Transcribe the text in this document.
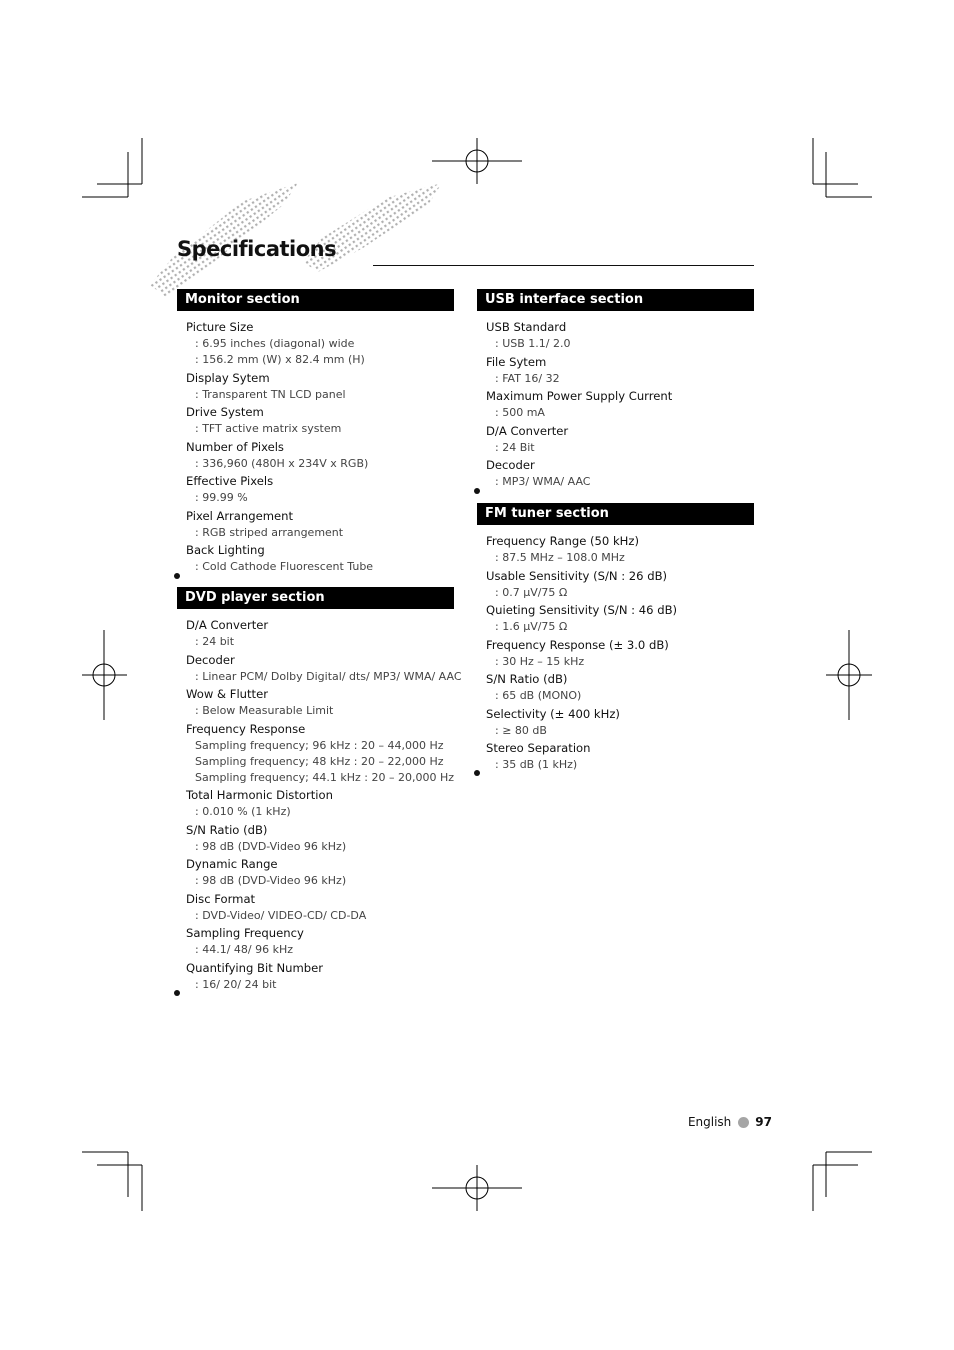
Specifications
Monitor section
Picture Size
: 6.95 inches (diagonal) wide
: 156.2 mm (W) x 82.4 mm (H)
Display Sytem
: Transparent TN LCD panel
Drive System
: TFT active matrix system
Number of Pixels
: 336,960 (480H x 234V x RGB)
Effective Pixels
: 99.99 %
Pixel Arrangement
: RGB striped arrangement
Back Lighting
: Cold Cathode Fluorescent Tube
DVD player section
D/A Converter
: 24 bit
Decoder
: Linear PCM/ Dolby Digital/ dts/ MP3/ WMA/ AAC
Wow & Flutter
: Below Measurable Limit
Frequency Response
Sampling frequency; 96 kHz : 20 – 44,000 Hz
Sampling frequency; 48 kHz : 20 – 22,000 Hz
Sampling frequency; 44.1 kHz : 20 – 20,000 Hz
Total Harmonic Distortion
: 0.010 % (1 kHz)
S/N Ratio (dB)
: 98 dB (DVD-Video 96 kHz)
Dynamic Range
: 98 dB (DVD-Video 96 kHz)
Disc Format
: DVD-Video/ VIDEO-CD/ CD-DA
Sampling Frequency
: 44.1/ 48/ 96 kHz
Quantifying Bit Number
: 16/ 20/ 24 bit
USB interface section
USB Standard
: USB 1.1/ 2.0
File Sytem
: FAT 16/ 32
Maximum Power Supply Current
: 500 mA
D/A Converter
: 24 Bit
Decoder
: MP3/ WMA/ AAC
FM tuner section
Frequency Range (50 kHz)
: 87.5 MHz – 108.0 MHz
Usable Sensitivity (S/N : 26 dB)
: 0.7 μV/75 Ω
Quieting Sensitivity (S/N : 46 dB)
: 1.6 μV/75 Ω
Frequency Response (± 3.0 dB)
: 30 Hz – 15 kHz
S/N Ratio (dB)
: 65 dB (MONO)
Selectivity (± 400 kHz)
: ≥ 80 dB
Stereo Separation
: 35 dB (1 kHz)
English 97
